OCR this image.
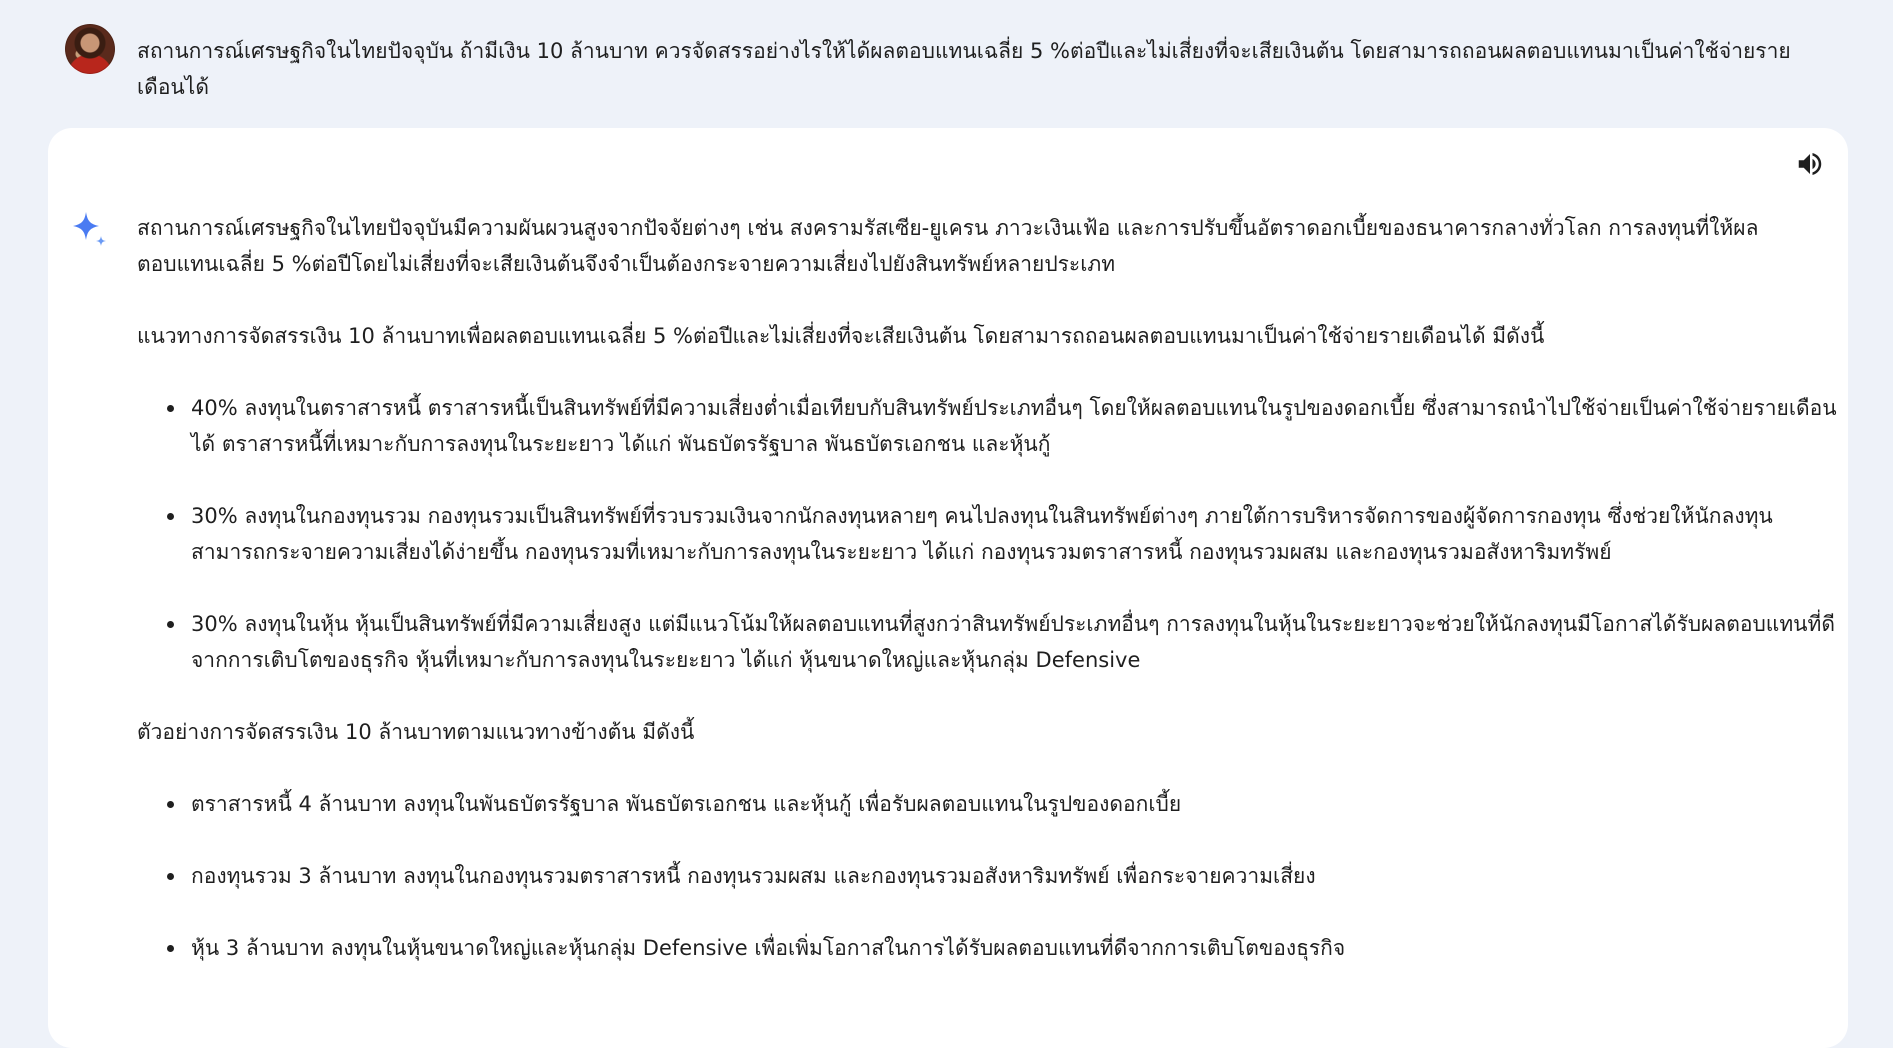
สถานการณ์เศรษฐกิจในไทยปัจจุบัน ถ้ามีเงิน 10 ล้านบาท ควรจัดสรรอย่างไรให้ได้ผลตอบแทนเฉลี่ย 5 %ต่อปีและไม่เสี่ยงที่จะเสียเงินต้น โดยสามารถถอนผลตอบแทนมาเป็นค่าใช้จ่ายรายเดือนได้

สถานการณ์เศรษฐกิจในไทยปัจจุบันมีความผันผวนสูงจากปัจจัยต่างๆ เช่น สงครามรัสเซีย-ยูเครน ภาวะเงินเฟ้อ และการปรับขึ้นอัตราดอกเบี้ยของธนาคารกลางทั่วโลก การลงทุนที่ให้ผลตอบแทนเฉลี่ย 5 %ต่อปีโดยไม่เสี่ยงที่จะเสียเงินต้นจึงจำเป็นต้องกระจายความเสี่ยงไปยังสินทรัพย์หลายประเภท

แนวทางการจัดสรรเงิน 10 ล้านบาทเพื่อผลตอบแทนเฉลี่ย 5 %ต่อปีและไม่เสี่ยงที่จะเสียเงินต้น โดยสามารถถอนผลตอบแทนมาเป็นค่าใช้จ่ายรายเดือนได้ มีดังนี้

40% ลงทุนในตราสารหนี้ ตราสารหนี้เป็นสินทรัพย์ที่มีความเสี่ยงต่ำเมื่อเทียบกับสินทรัพย์ประเภทอื่นๆ โดยให้ผลตอบแทนในรูปของดอกเบี้ย ซึ่งสามารถนำไปใช้จ่ายเป็นค่าใช้จ่ายรายเดือนได้ ตราสารหนี้ที่เหมาะกับการลงทุนในระยะยาว ได้แก่ พันธบัตรรัฐบาล พันธบัตรเอกชน และหุ้นกู้
30% ลงทุนในกองทุนรวม กองทุนรวมเป็นสินทรัพย์ที่รวบรวมเงินจากนักลงทุนหลายๆ คนไปลงทุนในสินทรัพย์ต่างๆ ภายใต้การบริหารจัดการของผู้จัดการกองทุน ซึ่งช่วยให้นักลงทุนสามารถกระจายความเสี่ยงได้ง่ายขึ้น กองทุนรวมที่เหมาะกับการลงทุนในระยะยาว ได้แก่ กองทุนรวมตราสารหนี้ กองทุนรวมผสม และกองทุนรวมอสังหาริมทรัพย์
30% ลงทุนในหุ้น หุ้นเป็นสินทรัพย์ที่มีความเสี่ยงสูง แต่มีแนวโน้มให้ผลตอบแทนที่สูงกว่าสินทรัพย์ประเภทอื่นๆ การลงทุนในหุ้นในระยะยาวจะช่วยให้นักลงทุนมีโอกาสได้รับผลตอบแทนที่ดีจากการเติบโตของธุรกิจ หุ้นที่เหมาะกับการลงทุนในระยะยาว ได้แก่ หุ้นขนาดใหญ่และหุ้นกลุ่ม Defensive

ตัวอย่างการจัดสรรเงิน 10 ล้านบาทตามแนวทางข้างต้น มีดังนี้

ตราสารหนี้ 4 ล้านบาท ลงทุนในพันธบัตรรัฐบาล พันธบัตรเอกชน และหุ้นกู้ เพื่อรับผลตอบแทนในรูปของดอกเบี้ย
กองทุนรวม 3 ล้านบาท ลงทุนในกองทุนรวมตราสารหนี้ กองทุนรวมผสม และกองทุนรวมอสังหาริมทรัพย์ เพื่อกระจายความเสี่ยง
หุ้น 3 ล้านบาท ลงทุนในหุ้นขนาดใหญ่และหุ้นกลุ่ม Defensive เพื่อเพิ่มโอกาสในการได้รับผลตอบแทนที่ดีจากการเติบโตของธุรกิจ
